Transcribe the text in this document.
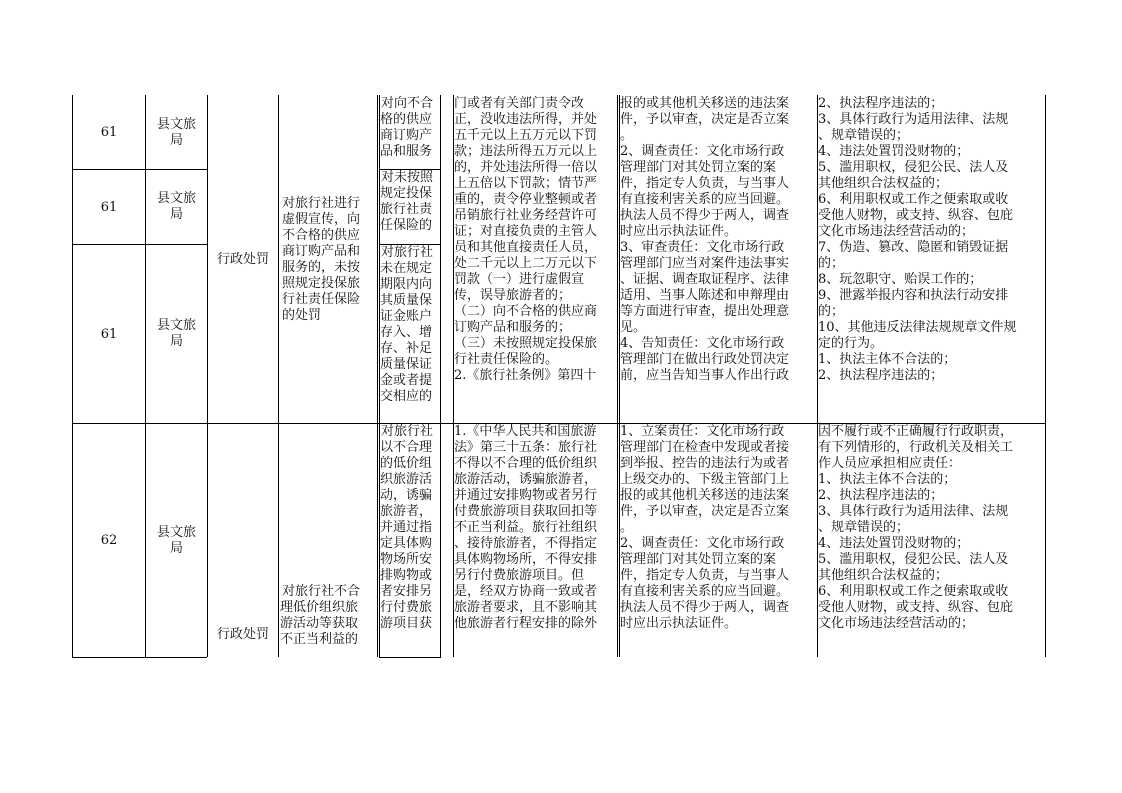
61
县文旅
局
61
县文旅
局
61
县文旅
局
行政处罚
对旅行社进行
虚假宣传，向
不合格的供应
商订购产品和
服务的，未按
照规定投保旅
行社责任保险
的处罚
对向不合
格的供应
商订购产
品和服务
对未按照
规定投保
旅行社责
任保险的
对旅行社
未在规定
期限内向
其质量保
证金账户
存入、增
存、补足
质量保证
金或者提
交相应的
门或者有关部门责令改
正，没收违法所得，并处
五千元以上五万元以下罚
款；违法所得五万元以上
的，并处违法所得一倍以
上五倍以下罚款；情节严
重的，责令停业整顿或者
吊销旅行社业务经营许可
证；对直接负责的主管人
员和其他直接责任人员，
处二千元以上二万元以下
罚款（一）进行虚假宣
传，误导旅游者的；
（二）向不合格的供应商
订购产品和服务的；
（三）未按照规定投保旅
行社责任保险的。
2.《旅行社条例》第四十
报的或其他机关移送的违法案
件，予以审查，决定是否立案
。
2、调查责任：文化市场行政
管理部门对其处罚立案的案
件，指定专人负责，与当事人
有直接利害关系的应当回避。
执法人员不得少于两人，调查
时应出示执法证件。
3、审查责任：文化市场行政
管理部门应当对案件违法事实
、证据、调查取证程序、法律
适用、当事人陈述和申辩理由
等方面进行审查，提出处理意
见。
4、告知责任：文化市场行政
管理部门在做出行政处罚决定
前，应当告知当事人作出行政
2、执法程序违法的；
3、具体行政行为适用法律、法规
、规章错误的；
4、违法处置罚没财物的；
5、滥用职权，侵犯公民、法人及
其他组织合法权益的；
6、利用职权或工作之便索取或收
受他人财物，或支持、纵容、包庇
文化市场违法经营活动的；
7、伪造、篡改、隐匿和销毁证据
的；
8、玩忽职守、贻误工作的；
9、泄露举报内容和执法行动安排
的；
10、其他违反法律法规规章文件规
定的行为。
1、执法主体不合法的；
2、执法程序违法的；
62
县文旅
局
行政处罚
对旅行社不合
理低价组织旅
游活动等获取
不正当利益的
对旅行社
以不合理
的低价组
织旅游活
动，诱骗
旅游者，
并通过指
定具体购
物场所安
排购物或
者安排另
行付费旅
游项目获
1.《中华人民共和国旅游
法》第三十五条：旅行社
不得以不合理的低价组织
旅游活动，诱骗旅游者，
并通过安排购物或者另行
付费旅游项目获取回扣等
不正当利益。旅行社组织
、接待旅游者，不得指定
具体购物场所，不得安排
另行付费旅游项目。但
是，经双方协商一致或者
旅游者要求，且不影响其
他旅游者行程安排的除外
1、立案责任：文化市场行政
管理部门在检查中发现或者接
到举报、控告的违法行为或者
上级交办的、下级主管部门上
报的或其他机关移送的违法案
件，予以审查，决定是否立案
。
2、调查责任：文化市场行政
管理部门对其处罚立案的案
件，指定专人负责，与当事人
有直接利害关系的应当回避。
执法人员不得少于两人，调查
时应出示执法证件。
因不履行或不正确履行行政职责，
有下列情形的，行政机关及相关工
作人员应承担相应责任：
1、执法主体不合法的；
2、执法程序违法的；
3、具体行政行为适用法律、法规
、规章错误的；
4、违法处置罚没财物的；
5、滥用职权，侵犯公民、法人及
其他组织合法权益的；
6、利用职权或工作之便索取或收
受他人财物，或支持、纵容、包庇
文化市场违法经营活动的；
